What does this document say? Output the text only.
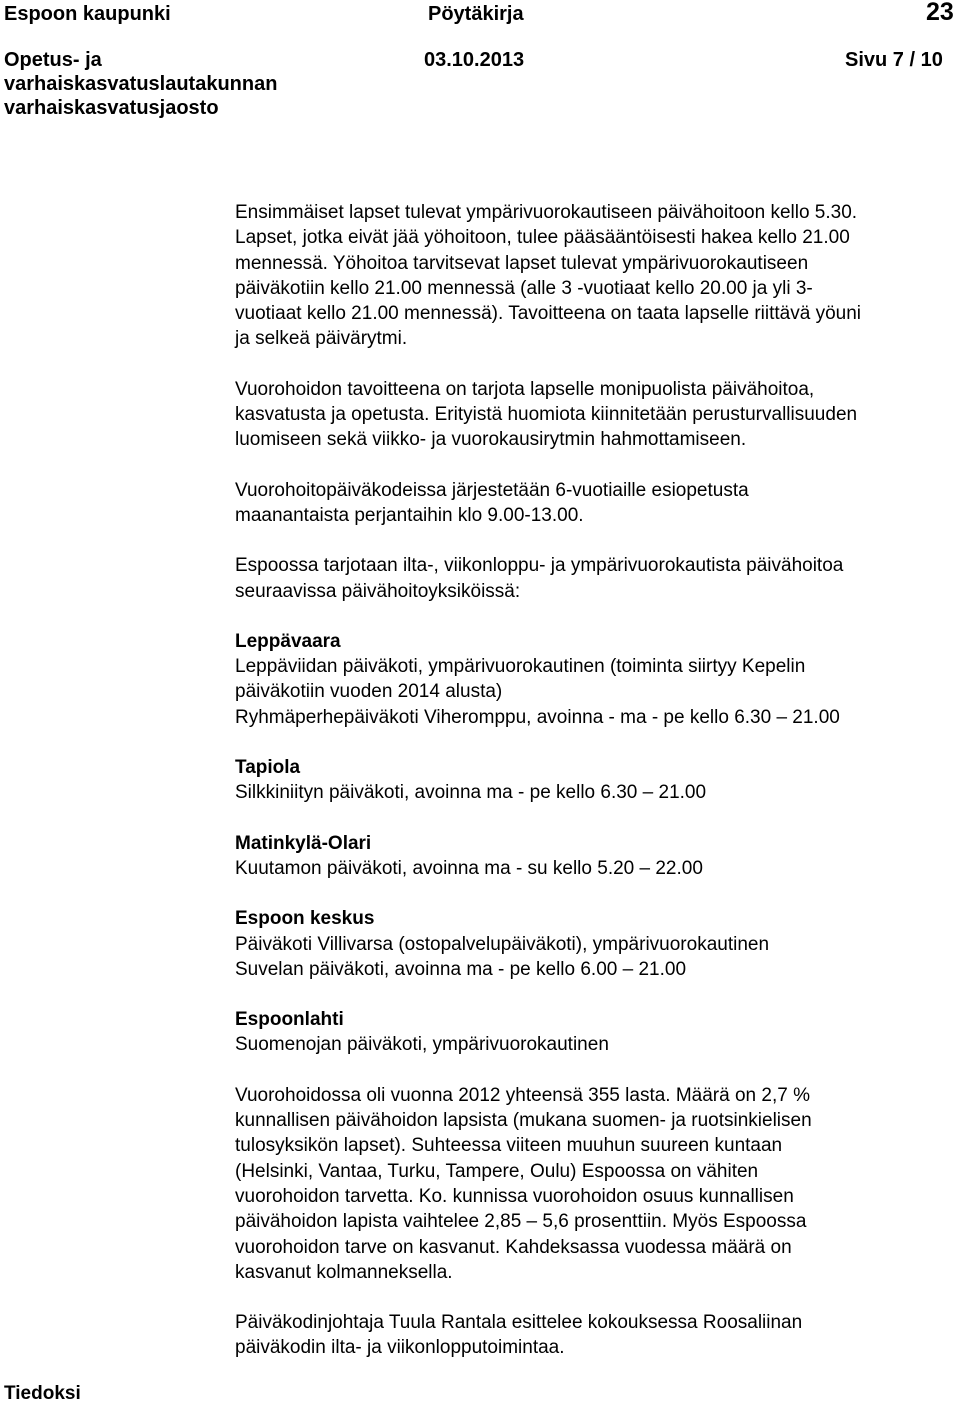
Espoon kaupunki	Pöytäkirja	23
Opetus- ja
varhaiskasvatuslautakunnan
varhaiskasvatusjaosto
03.10.2013	Sivu 7 / 10
Ensimmäiset lapset tulevat ympärivuorokautiseen päivähoitoon kello 5.30.
Lapset, jotka eivät jää yöhoitoon, tulee pääsääntöisesti hakea kello 21.00
mennessä. Yöhoitoa tarvitsevat lapset tulevat ympärivuorokautiseen
päiväkotiin kello 21.00 mennessä (alle 3 -vuotiaat kello 20.00 ja yli 3-
vuotiaat kello 21.00 mennessä). Tavoitteena on taata lapselle riittävä yöuni
ja selkeä päivärytmi.
Vuorohoidon tavoitteena on tarjota lapselle monipuolista päivähoitoa,
kasvatusta ja opetusta. Erityistä huomiota kiinnitetään perusturvallisuuden
luomiseen sekä viikko- ja vuorokausirytmin hahmottamiseen.
Vuorohoitopäiväkodeissa järjestetään 6-vuotiaille esiopetusta
maanantaista perjantaihin klo 9.00-13.00.
Espoossa tarjotaan ilta-, viikonloppu- ja ympärivuorokautista päivähoitoa
seuraavissa päivähoitoyksiköissä:
Leppävaara
Leppäviidan päiväkoti, ympärivuorokautinen (toiminta siirtyy Kepelin
päiväkotiin vuoden 2014 alusta)
Ryhmäperhepäiväkoti Viheromppu, avoinna - ma - pe kello 6.30 – 21.00
Tapiola
Silkkiniityn päiväkoti, avoinna ma - pe kello 6.30 – 21.00
Matinkylä-Olari
Kuutamon päiväkoti, avoinna ma - su kello 5.20 – 22.00
Espoon keskus
Päiväkoti Villivarsa (ostopalvelupäiväkoti), ympärivuorokautinen
Suvelan päiväkoti, avoinna ma - pe kello 6.00 – 21.00
Espoonlahti
Suomenojan päiväkoti, ympärivuorokautinen
Vuorohoidossa oli vuonna 2012 yhteensä 355 lasta. Määrä on 2,7 %
kunnallisen päivähoidon lapsista (mukana suomen- ja ruotsinkielisen
tulosyksikön lapset). Suhteessa viiteen muuhun suureen kuntaan
(Helsinki, Vantaa, Turku, Tampere, Oulu) Espoossa on vähiten
vuorohoidon tarvetta. Ko. kunnissa vuorohoidon osuus kunnallisen
päivähoidon lapista vaihtelee 2,85 – 5,6 prosenttiin. Myös Espoossa
vuorohoidon tarve on kasvanut. Kahdeksassa vuodessa määrä on
kasvanut kolmanneksella.
Päiväkodinjohtaja Tuula Rantala esittelee kokouksessa Roosaliinan
päiväkodin ilta- ja viikonlopputoimintaa.
Tiedoksi
